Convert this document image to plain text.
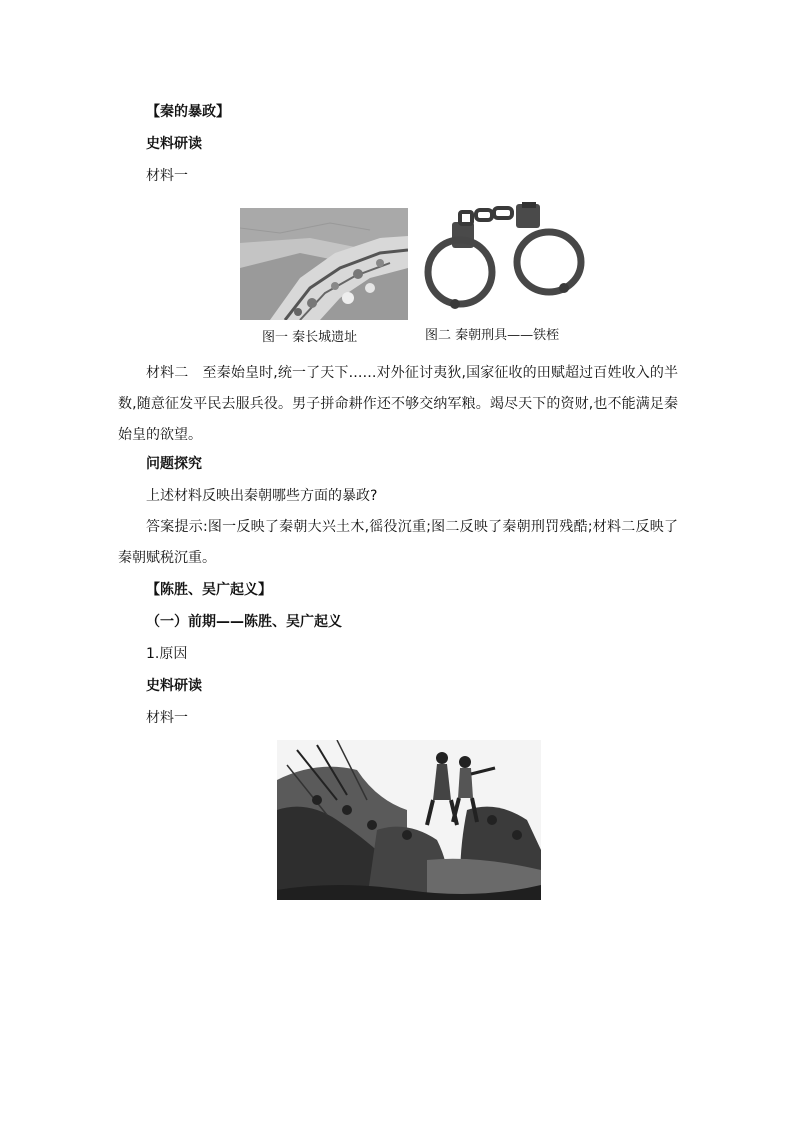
【秦的暴政】
史料研读
材料一
图一 秦长城遗址	图二 秦朝刑具——铁桎
材料二　至秦始皇时,统一了天下……对外征讨夷狄,国家征收的田赋超过百姓收入的半数,随意征发平民去服兵役。男子拼命耕作还不够交纳军粮。竭尽天下的资财,也不能满足秦始皇的欲望。
问题探究
上述材料反映出秦朝哪些方面的暴政?
答案提示:图一反映了秦朝大兴土木,徭役沉重;图二反映了秦朝刑罚残酷;材料二反映了秦朝赋税沉重。
【陈胜、吴广起义】
（一）前期——陈胜、吴广起义
1.原因
史料研读
材料一
